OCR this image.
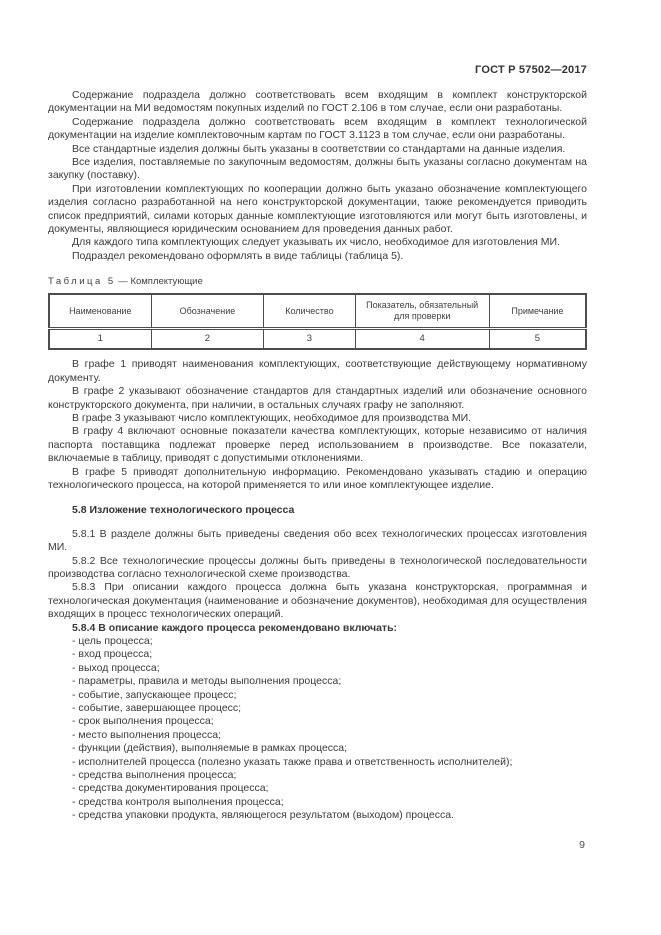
ГОСТ Р 57502—2017

Содержание подраздела должно соответствовать всем входящим в комплект конструкторской документации на МИ ведомостям покупных изделий по ГОСТ 2.106 в том случае, если они разработаны.

Содержание подраздела должно соответствовать всем входящим в комплект технологической документации на изделие комплектовочным картам по ГОСТ 3.1123 в том случае, если они разработаны.

Все стандартные изделия должны быть указаны в соответствии со стандартами на данные изделия.

Все изделия, поставляемые по закупочным ведомостям, должны быть указаны согласно документам на закупку (поставку).

При изготовлении комплектующих по кооперации должно быть указано обозначение комплектующего изделия согласно разработанной на него конструкторской документации, также рекомендуется приводить список предприятий, силами которых данные комплектующие изготовляются или могут быть изготовлены, и документы, являющиеся юридическим основанием для проведения данных работ.

Для каждого типа комплектующих следует указывать их число, необходимое для изготовления МИ.

Подраздел рекомендовано оформлять в виде таблицы (таблица 5).

Таблица 5 — Комплектующие
Наименование	Обозначение	Количество	Показатель, обязательный для проверки	Примечание
1	2	3	4	5

В графе 1 приводят наименования комплектующих, соответствующие действующему нормативному документу.

В графе 2 указывают обозначение стандартов для стандартных изделий или обозначение основного конструкторского документа, при наличии, в остальных случаях графу не заполняют.

В графе 3 указывают число комплектующих, необходимое для производства МИ.

В графу 4 включают основные показатели качества комплектующих, которые независимо от наличия паспорта поставщика подлежат проверке перед использованием в производстве. Все показатели, включаемые в таблицу, приводят с допустимыми отклонениями.

В графе 5 приводят дополнительную информацию. Рекомендовано указывать стадию и операцию технологического процесса, на которой применяется то или иное комплектующее изделие.

5.8 Изложение технологического процесса

5.8.1 В разделе должны быть приведены сведения обо всех технологических процессах изготовления МИ.

5.8.2 Все технологические процессы должны быть приведены в технологической последовательности производства согласно технологической схеме производства.

5.8.3 При описании каждого процесса должна быть указана конструкторская, программная и технологическая документация (наименование и обозначение документов), необходимая для осуществления входящих в процесс технологических операций.

5.8.4 В описание каждого процесса рекомендовано включать:

- цель процесса;

- вход процесса;

- выход процесса;

- параметры, правила и методы выполнения процесса;

- событие, запускающее процесс;

- событие, завершающее процесс;

- срок выполнения процесса;

- место выполнения процесса;

- функции (действия), выполняемые в рамках процесса;

- исполнителей процесса (полезно указать также права и ответственность исполнителей);

- средства выполнения процесса;

- средства документирования процесса;

- средства контроля выполнения процесса;

- средства упаковки продукта, являющегося результатом (выходом) процесса.

9
